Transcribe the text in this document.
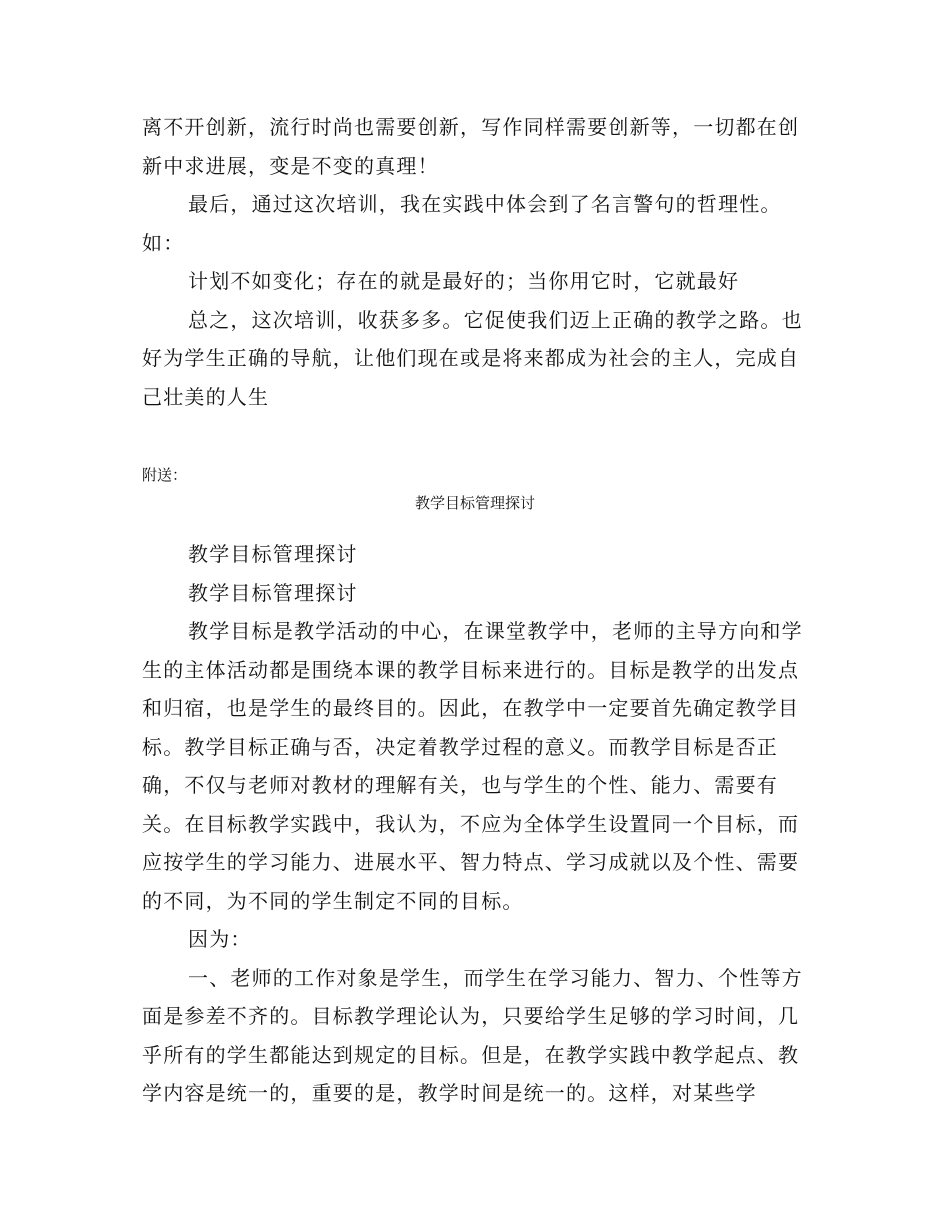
离不开创新，流行时尚也需要创新，写作同样需要创新等，一切都在创新中求进展，变是不变的真理！

最后，通过这次培训，我在实践中体会到了名言警句的哲理性。如：

计划不如变化；存在的就是最好的；当你用它时，它就最好

总之，这次培训，收获多多。它促使我们迈上正确的教学之路。也好为学生正确的导航，让他们现在或是将来都成为社会的主人，完成自己壮美的人生

附送：

教学目标管理探讨

教学目标管理探讨

教学目标管理探讨

教学目标是教学活动的中心，在课堂教学中，老师的主导方向和学生的主体活动都是围绕本课的教学目标来进行的。目标是教学的出发点和归宿，也是学生的最终目的。因此，在教学中一定要首先确定教学目标。教学目标正确与否，决定着教学过程的意义。而教学目标是否正确，不仅与老师对教材的理解有关，也与学生的个性、能力、需要有关。在目标教学实践中，我认为，不应为全体学生设置同一个目标，而应按学生的学习能力、进展水平、智力特点、学习成就以及个性、需要的不同，为不同的学生制定不同的目标。

因为：

一、老师的工作对象是学生，而学生在学习能力、智力、个性等方面是参差不齐的。目标教学理论认为，只要给学生足够的学习时间，几乎所有的学生都能达到规定的目标。但是，在教学实践中教学起点、教学内容是统一的，重要的是，教学时间是统一的。这样，对某些学
